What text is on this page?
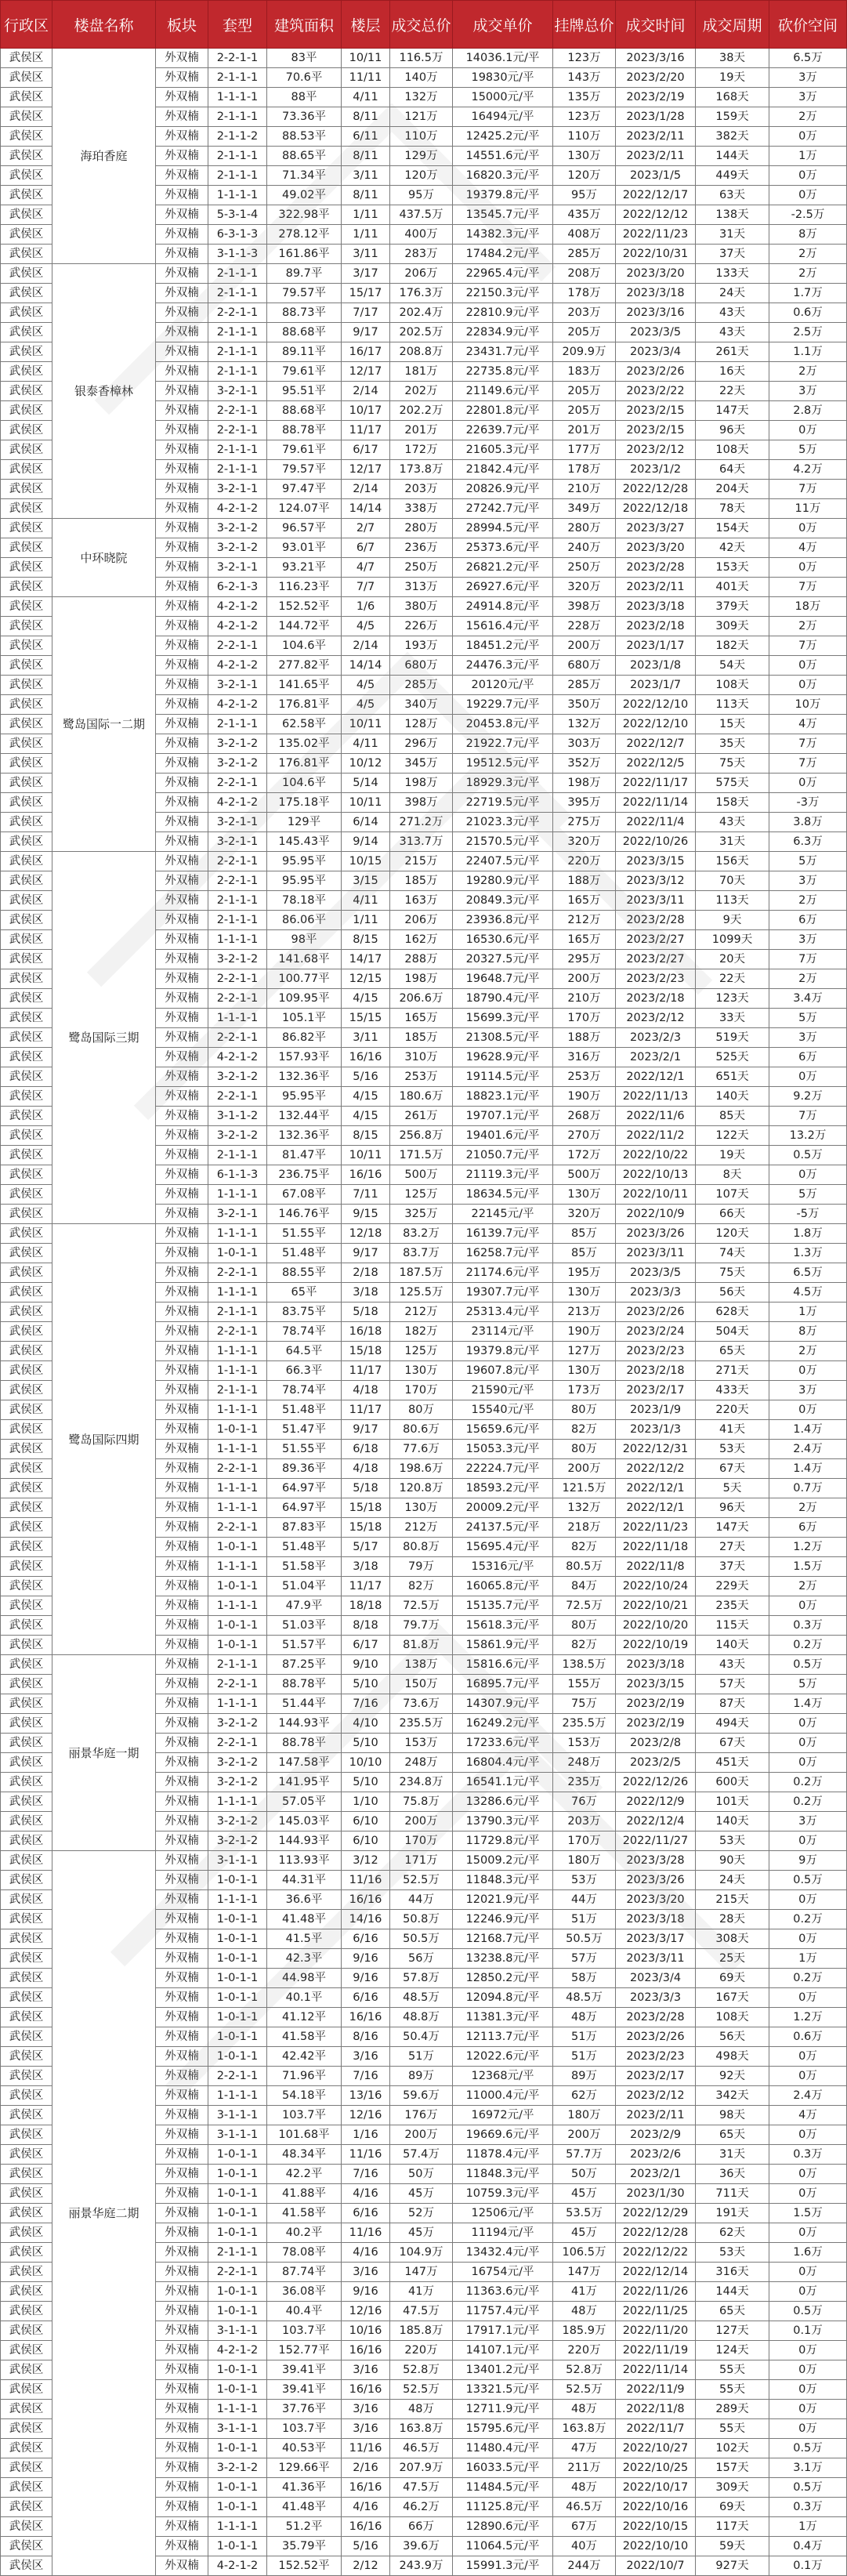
行政区	楼盘名称	板块	套型	建筑面积	楼层	成交总价	成交单价	挂牌总价	成交时间	成交周期	砍价空间
武侯区	海珀香庭	外双楠	2-2-1-1	83平	10/11	116.5万	14036.1元/平	123万	2023/3/16	38天	6.5万
武侯区		外双楠	2-1-1-1	70.6平	11/11	140万	19830元/平	143万	2023/2/20	19天	3万
武侯区		外双楠	1-1-1-1	88平	4/11	132万	15000元/平	135万	2023/2/19	168天	3万
武侯区		外双楠	2-1-1-1	73.36平	8/11	121万	16494元/平	123万	2023/1/28	159天	2万
武侯区		外双楠	2-1-1-2	88.53平	6/11	110万	12425.2元/平	110万	2023/2/11	382天	0万
武侯区		外双楠	2-1-1-1	88.65平	8/11	129万	14551.6元/平	130万	2023/2/11	144天	1万
武侯区		外双楠	2-1-1-1	71.34平	3/11	120万	16820.3元/平	120万	2023/1/5	449天	0万
武侯区		外双楠	1-1-1-1	49.02平	8/11	95万	19379.8元/平	95万	2022/12/17	63天	0万
武侯区		外双楠	5-3-1-4	322.98平	1/11	437.5万	13545.7元/平	435万	2022/12/12	138天	-2.5万
武侯区		外双楠	6-3-1-3	278.12平	1/11	400万	14382.3元/平	408万	2022/11/23	31天	8万
武侯区		外双楠	3-1-1-3	161.86平	3/11	283万	17484.2元/平	285万	2022/10/31	37天	2万
武侯区	银泰香樟林	外双楠	2-1-1-1	89.7平	3/17	206万	22965.4元/平	208万	2023/3/20	133天	2万
武侯区		外双楠	2-1-1-1	79.57平	15/17	176.3万	22150.3元/平	178万	2023/3/18	24天	1.7万
武侯区		外双楠	2-2-1-1	88.73平	7/17	202.4万	22810.9元/平	203万	2023/3/16	43天	0.6万
武侯区		外双楠	2-1-1-1	88.68平	9/17	202.5万	22834.9元/平	205万	2023/3/5	43天	2.5万
武侯区		外双楠	2-1-1-1	89.11平	16/17	208.8万	23431.7元/平	209.9万	2023/3/4	261天	1.1万
武侯区		外双楠	2-1-1-1	79.61平	12/17	181万	22735.8元/平	183万	2023/2/26	16天	2万
武侯区		外双楠	3-2-1-1	95.51平	2/14	202万	21149.6元/平	205万	2023/2/22	22天	3万
武侯区		外双楠	2-2-1-1	88.68平	10/17	202.2万	22801.8元/平	205万	2023/2/15	147天	2.8万
武侯区		外双楠	2-2-1-1	88.78平	11/17	201万	22639.7元/平	201万	2023/2/15	96天	0万
武侯区		外双楠	2-1-1-1	79.61平	6/17	172万	21605.3元/平	177万	2023/2/12	108天	5万
武侯区		外双楠	2-1-1-1	79.57平	12/17	173.8万	21842.4元/平	178万	2023/1/2	64天	4.2万
武侯区		外双楠	3-2-1-1	97.47平	2/14	203万	20826.9元/平	210万	2022/12/28	204天	7万
武侯区		外双楠	4-2-1-2	124.07平	14/14	338万	27242.7元/平	349万	2022/12/18	78天	11万
武侯区	中环晓院	外双楠	3-2-1-2	96.57平	2/7	280万	28994.5元/平	280万	2023/3/27	154天	0万
武侯区		外双楠	3-2-1-2	93.01平	6/7	236万	25373.6元/平	240万	2023/3/20	42天	4万
武侯区		外双楠	3-2-1-1	93.21平	4/7	250万	26821.2元/平	250万	2023/2/28	153天	0万
武侯区		外双楠	6-2-1-3	116.23平	7/7	313万	26927.6元/平	320万	2023/2/11	401天	7万
武侯区	鹭岛国际一二期	外双楠	4-2-1-2	152.52平	1/6	380万	24914.8元/平	398万	2023/3/18	379天	18万
武侯区		外双楠	4-2-1-2	144.72平	4/5	226万	15616.4元/平	228万	2023/2/18	309天	2万
武侯区		外双楠	2-2-1-1	104.6平	2/14	193万	18451.2元/平	200万	2023/1/17	182天	7万
武侯区		外双楠	4-2-1-2	277.82平	14/14	680万	24476.3元/平	680万	2023/1/8	54天	0万
武侯区		外双楠	3-2-1-1	141.65平	4/5	285万	20120元/平	285万	2023/1/7	108天	0万
武侯区		外双楠	4-2-1-2	176.81平	4/5	340万	19229.7元/平	350万	2022/12/10	113天	10万
武侯区		外双楠	2-1-1-1	62.58平	10/11	128万	20453.8元/平	132万	2022/12/10	15天	4万
武侯区		外双楠	3-2-1-2	135.02平	4/11	296万	21922.7元/平	303万	2022/12/7	35天	7万
武侯区		外双楠	3-2-1-2	176.81平	10/12	345万	19512.5元/平	352万	2022/12/5	75天	7万
武侯区		外双楠	2-2-1-1	104.6平	5/14	198万	18929.3元/平	198万	2022/11/17	575天	0万
武侯区		外双楠	4-2-1-2	175.18平	10/11	398万	22719.5元/平	395万	2022/11/14	158天	-3万
武侯区		外双楠	3-2-1-1	129平	6/14	271.2万	21023.3元/平	275万	2022/11/4	43天	3.8万
武侯区		外双楠	3-2-1-1	145.43平	9/14	313.7万	21570.5元/平	320万	2022/10/26	31天	6.3万
武侯区	鹭岛国际三期	外双楠	2-2-1-1	95.95平	10/15	215万	22407.5元/平	220万	2023/3/15	156天	5万
武侯区		外双楠	2-2-1-1	95.95平	3/15	185万	19280.9元/平	188万	2023/3/12	70天	3万
武侯区		外双楠	2-1-1-1	78.18平	4/11	163万	20849.3元/平	165万	2023/3/11	113天	2万
武侯区		外双楠	2-1-1-1	86.06平	1/11	206万	23936.8元/平	212万	2023/2/28	9天	6万
武侯区		外双楠	1-1-1-1	98平	8/15	162万	16530.6元/平	165万	2023/2/27	1099天	3万
武侯区		外双楠	3-2-1-2	141.68平	14/17	288万	20327.5元/平	295万	2023/2/27	20天	7万
武侯区		外双楠	2-2-1-1	100.77平	12/15	198万	19648.7元/平	200万	2023/2/23	22天	2万
武侯区		外双楠	2-2-1-1	109.95平	4/15	206.6万	18790.4元/平	210万	2023/2/18	123天	3.4万
武侯区		外双楠	1-1-1-1	105.1平	15/15	165万	15699.3元/平	170万	2023/2/12	33天	5万
武侯区		外双楠	2-2-1-1	86.82平	3/11	185万	21308.5元/平	188万	2023/2/3	519天	3万
武侯区		外双楠	4-2-1-2	157.93平	16/16	310万	19628.9元/平	316万	2023/2/1	525天	6万
武侯区		外双楠	3-2-1-2	132.36平	5/16	253万	19114.5元/平	253万	2022/12/1	651天	0万
武侯区		外双楠	2-2-1-1	95.95平	4/15	180.6万	18823.1元/平	190万	2022/11/13	140天	9.2万
武侯区		外双楠	3-1-1-2	132.44平	4/15	261万	19707.1元/平	268万	2022/11/6	85天	7万
武侯区		外双楠	3-2-1-2	132.36平	8/15	256.8万	19401.6元/平	270万	2022/11/2	122天	13.2万
武侯区		外双楠	2-1-1-1	81.47平	10/11	171.5万	21050.7元/平	172万	2022/10/22	19天	0.5万
武侯区		外双楠	6-1-1-3	236.75平	16/16	500万	21119.3元/平	500万	2022/10/13	8天	0万
武侯区		外双楠	1-1-1-1	67.08平	7/11	125万	18634.5元/平	130万	2022/10/11	107天	5万
武侯区		外双楠	3-2-1-1	146.76平	9/15	325万	22145元/平	320万	2022/10/9	66天	-5万
武侯区	鹭岛国际四期	外双楠	1-1-1-1	51.55平	12/18	83.2万	16139.7元/平	85万	2023/3/26	120天	1.8万
武侯区		外双楠	1-0-1-1	51.48平	9/17	83.7万	16258.7元/平	85万	2023/3/11	74天	1.3万
武侯区		外双楠	2-2-1-1	88.55平	2/18	187.5万	21174.6元/平	195万	2023/3/5	75天	6.5万
武侯区		外双楠	1-1-1-1	65平	3/18	125.5万	19307.7元/平	130万	2023/3/3	56天	4.5万
武侯区		外双楠	2-1-1-1	83.75平	5/18	212万	25313.4元/平	213万	2023/2/26	628天	1万
武侯区		外双楠	2-2-1-1	78.74平	16/18	182万	23114元/平	190万	2023/2/24	504天	8万
武侯区		外双楠	1-1-1-1	64.5平	15/18	125万	19379.8元/平	127万	2023/2/23	65天	2万
武侯区		外双楠	1-1-1-1	66.3平	11/17	130万	19607.8元/平	130万	2023/2/18	271天	0万
武侯区		外双楠	2-1-1-1	78.74平	4/18	170万	21590元/平	173万	2023/2/17	433天	3万
武侯区		外双楠	1-1-1-1	51.48平	11/17	80万	15540元/平	80万	2023/1/9	220天	0万
武侯区		外双楠	1-0-1-1	51.47平	9/17	80.6万	15659.6元/平	82万	2023/1/3	41天	1.4万
武侯区		外双楠	1-1-1-1	51.55平	6/18	77.6万	15053.3元/平	80万	2022/12/31	53天	2.4万
武侯区		外双楠	2-2-1-1	89.36平	4/18	198.6万	22224.7元/平	200万	2022/12/2	67天	1.4万
武侯区		外双楠	1-1-1-1	64.97平	5/18	120.8万	18593.2元/平	121.5万	2022/12/1	5天	0.7万
武侯区		外双楠	1-1-1-1	64.97平	15/18	130万	20009.2元/平	132万	2022/12/1	96天	2万
武侯区		外双楠	2-2-1-1	87.83平	15/18	212万	24137.5元/平	218万	2022/11/23	147天	6万
武侯区		外双楠	1-0-1-1	51.48平	5/17	80.8万	15695.4元/平	82万	2022/11/18	27天	1.2万
武侯区		外双楠	1-1-1-1	51.58平	3/18	79万	15316元/平	80.5万	2022/11/8	37天	1.5万
武侯区		外双楠	1-0-1-1	51.04平	11/17	82万	16065.8元/平	84万	2022/10/24	229天	2万
武侯区		外双楠	1-1-1-1	47.9平	18/18	72.5万	15135.7元/平	72.5万	2022/10/21	235天	0万
武侯区		外双楠	1-0-1-1	51.03平	8/18	79.7万	15618.3元/平	80万	2022/10/20	115天	0.3万
武侯区		外双楠	1-0-1-1	51.57平	6/17	81.8万	15861.9元/平	82万	2022/10/19	140天	0.2万
武侯区	丽景华庭一期	外双楠	2-1-1-1	87.25平	9/10	138万	15816.6元/平	138.5万	2023/3/18	43天	0.5万
武侯区		外双楠	2-2-1-1	88.78平	5/10	150万	16895.7元/平	155万	2023/3/15	57天	5万
武侯区		外双楠	1-1-1-1	51.44平	7/16	73.6万	14307.9元/平	75万	2023/2/19	87天	1.4万
武侯区		外双楠	3-2-1-2	144.93平	4/10	235.5万	16249.2元/平	235.5万	2023/2/19	494天	0万
武侯区		外双楠	2-2-1-1	88.78平	5/10	153万	17233.6元/平	153万	2023/2/8	67天	0万
武侯区		外双楠	3-2-1-2	147.58平	10/10	248万	16804.4元/平	248万	2023/2/5	451天	0万
武侯区		外双楠	3-2-1-2	141.95平	5/10	234.8万	16541.1元/平	235万	2022/12/26	600天	0.2万
武侯区		外双楠	1-1-1-1	57.05平	1/10	75.8万	13286.6元/平	76万	2022/12/9	101天	0.2万
武侯区		外双楠	3-2-1-2	145.03平	6/10	200万	13790.3元/平	203万	2022/12/4	140天	3万
武侯区		外双楠	3-2-1-2	144.93平	6/10	170万	11729.8元/平	170万	2022/11/27	53天	0万
武侯区	丽景华庭二期	外双楠	3-1-1-1	113.93平	3/12	171万	15009.2元/平	180万	2023/3/28	90天	9万
武侯区		外双楠	1-0-1-1	44.31平	11/16	52.5万	11848.3元/平	53万	2023/3/26	24天	0.5万
武侯区		外双楠	1-1-1-1	36.6平	16/16	44万	12021.9元/平	44万	2023/3/20	215天	0万
武侯区		外双楠	1-0-1-1	41.48平	14/16	50.8万	12246.9元/平	51万	2023/3/18	28天	0.2万
武侯区		外双楠	1-0-1-1	41.5平	6/16	50.5万	12168.7元/平	50.5万	2023/3/17	308天	0万
武侯区		外双楠	1-0-1-1	42.3平	9/16	56万	13238.8元/平	57万	2023/3/11	25天	1万
武侯区		外双楠	1-0-1-1	44.98平	9/16	57.8万	12850.2元/平	58万	2023/3/4	69天	0.2万
武侯区		外双楠	1-0-1-1	40.1平	6/16	48.5万	12094.8元/平	48.5万	2023/3/3	167天	0万
武侯区		外双楠	1-0-1-1	41.12平	16/16	48.8万	11381.3元/平	48万	2023/2/28	108天	1.2万
武侯区		外双楠	1-0-1-1	41.58平	8/16	50.4万	12113.7元/平	51万	2023/2/26	56天	0.6万
武侯区		外双楠	1-0-1-1	42.42平	3/16	51万	12022.6元/平	51万	2023/2/23	498天	0万
武侯区		外双楠	2-2-1-1	71.96平	7/16	89万	12368元/平	89万	2023/2/17	92天	0万
武侯区		外双楠	1-1-1-1	54.18平	13/16	59.6万	11000.4元/平	62万	2023/2/12	342天	2.4万
武侯区		外双楠	3-1-1-1	103.7平	12/16	176万	16972元/平	180万	2023/2/11	98天	4万
武侯区		外双楠	3-1-1-1	101.68平	1/16	200万	19669.6元/平	200万	2023/2/9	65天	0万
武侯区		外双楠	1-0-1-1	48.34平	11/16	57.4万	11878.4元/平	57.7万	2023/2/6	31天	0.3万
武侯区		外双楠	1-0-1-1	42.2平	7/16	50万	11848.3元/平	50万	2023/2/1	36天	0万
武侯区		外双楠	1-0-1-1	41.88平	4/16	45万	10759.3元/平	45万	2023/1/30	711天	0万
武侯区		外双楠	1-0-1-1	41.58平	6/16	52万	12506元/平	53.5万	2022/12/29	191天	1.5万
武侯区		外双楠	1-0-1-1	40.2平	11/16	45万	11194元/平	45万	2022/12/28	62天	0万
武侯区		外双楠	2-1-1-1	78.08平	4/16	104.9万	13432.4元/平	106.5万	2022/12/22	53天	1.6万
武侯区		外双楠	2-2-1-1	87.74平	3/16	147万	16754元/平	147万	2022/12/14	316天	0万
武侯区		外双楠	1-0-1-1	36.08平	9/16	41万	11363.6元/平	41万	2022/11/26	144天	0万
武侯区		外双楠	1-0-1-1	40.4平	12/16	47.5万	11757.4元/平	48万	2022/11/25	65天	0.5万
武侯区		外双楠	3-1-1-1	103.7平	10/16	185.8万	17917.1元/平	185.9万	2022/11/20	127天	0.1万
武侯区		外双楠	4-2-1-2	152.77平	16/16	220万	14107.1元/平	220万	2022/11/19	124天	0万
武侯区		外双楠	1-0-1-1	39.41平	3/16	52.8万	13401.2元/平	52.8万	2022/11/14	55天	0万
武侯区		外双楠	1-0-1-1	39.41平	16/16	52.5万	13321.5元/平	52.5万	2022/11/9	55天	0万
武侯区		外双楠	1-1-1-1	37.76平	3/16	48万	12711.9元/平	48万	2022/11/8	289天	0万
武侯区		外双楠	3-1-1-1	103.7平	3/16	163.8万	15795.6元/平	163.8万	2022/11/7	55天	0万
武侯区		外双楠	1-0-1-1	40.53平	11/16	46.5万	11480.4元/平	47万	2022/10/27	102天	0.5万
武侯区		外双楠	3-2-1-2	129.66平	2/16	207.9万	16033.5元/平	211万	2022/10/25	157天	3.1万
武侯区		外双楠	1-0-1-1	41.36平	16/16	47.5万	11484.5元/平	48万	2022/10/17	309天	0.5万
武侯区		外双楠	1-0-1-1	41.48平	4/16	46.2万	11125.8元/平	46.5万	2022/10/16	69天	0.3万
武侯区		外双楠	1-1-1-1	51.2平	16/16	66万	12890.6元/平	67万	2022/10/15	117天	1万
武侯区		外双楠	1-0-1-1	35.79平	5/16	39.6万	11064.5元/平	40万	2022/10/10	59天	0.4万
武侯区		外双楠	4-2-1-2	152.52平	2/12	243.9万	15991.3元/平	244万	2022/10/7	927天	0.1万
